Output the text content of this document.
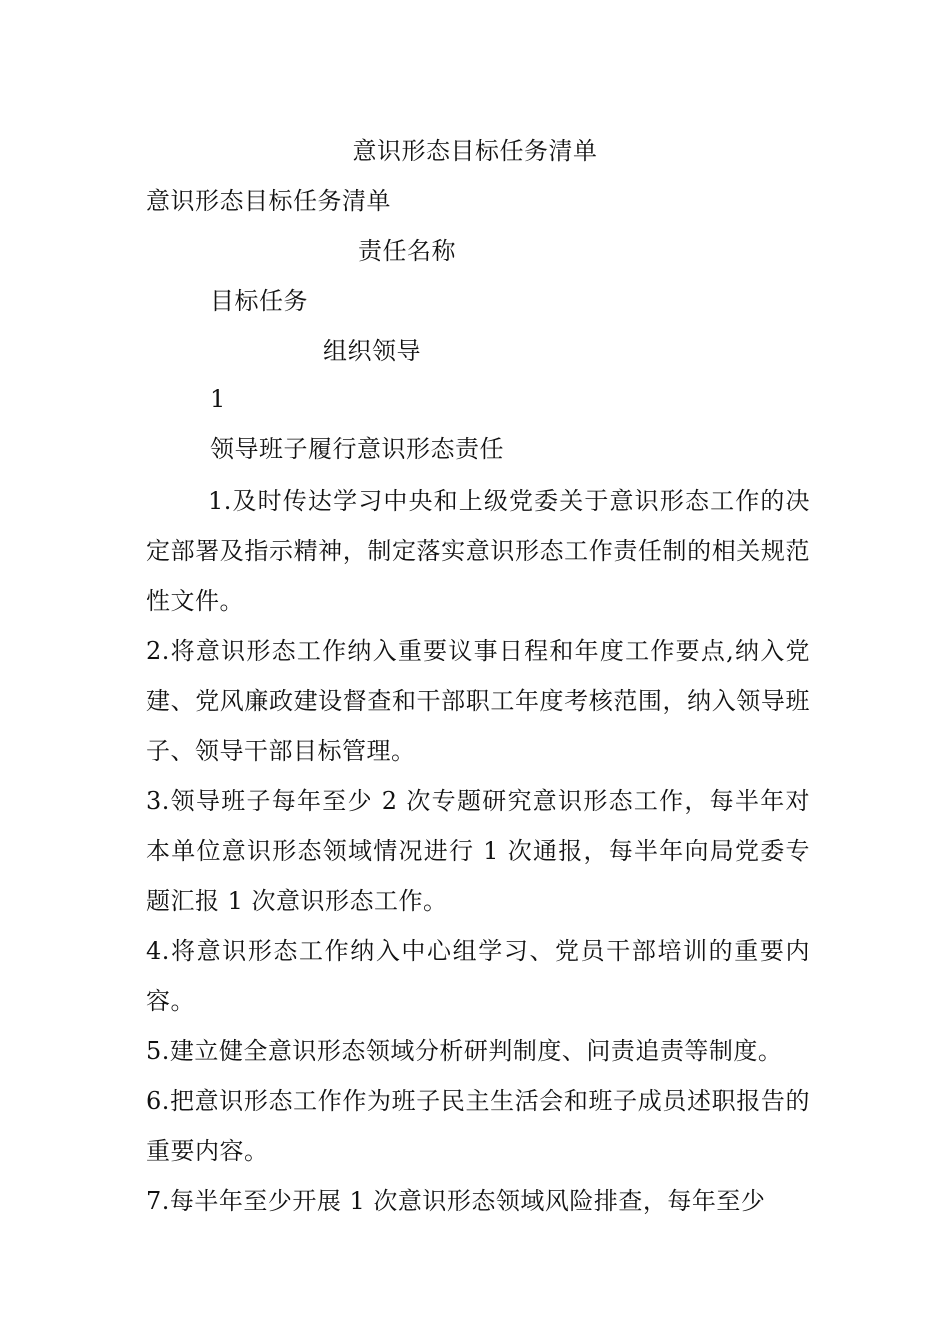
意识形态目标任务清单
意识形态目标任务清单
责任名称
目标任务
组织领导
1
领导班子履行意识形态责任

1.及时传达学习中央和上级党委关于意识形态工作的决定部署及指示精神，制定落实意识形态工作责任制的相关规范性文件。

2.将意识形态工作纳入重要议事日程和年度工作要点,纳入党建、党风廉政建设督查和干部职工年度考核范围，纳入领导班子、领导干部目标管理。

3.领导班子每年至少 2 次专题研究意识形态工作，每半年对本单位意识形态领域情况进行 1 次通报，每半年向局党委专题汇报 1 次意识形态工作。

4.将意识形态工作纳入中心组学习、党员干部培训的重要内容。

5.建立健全意识形态领域分析研判制度、问责追责等制度。

6.把意识形态工作作为班子民主生活会和班子成员述职报告的重要内容。

7.每半年至少开展 1 次意识形态领域风险排查，每年至少
